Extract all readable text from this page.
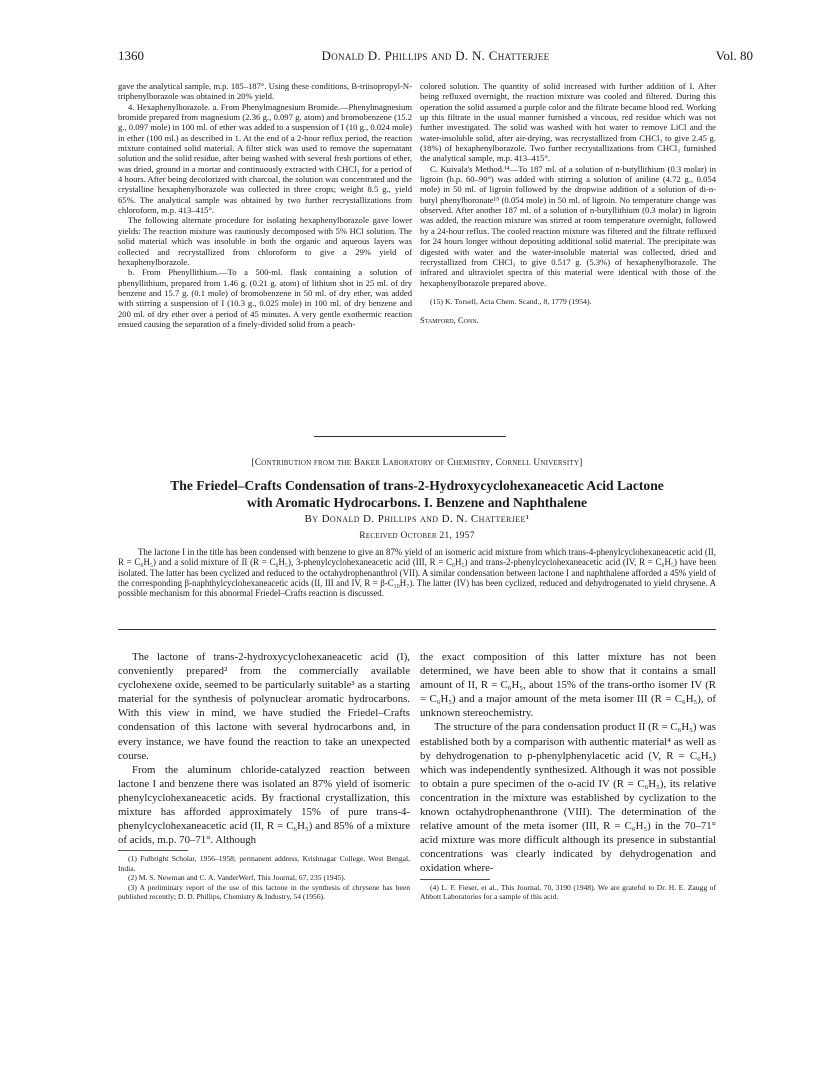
1360	Donald D. Phillips and D. N. Chatterjee	Vol. 80

gave the analytical sample, m.p. 185–187°. Using these conditions, B-triisopropyl-N-triphenylborazole was obtained in 20% yield.

4. Hexaphenylborazole. a. From Phenylmagnesium Bromide.—Phenylmagnesium bromide prepared from magnesium (2.36 g., 0.097 g. atom) and bromobenzene (15.2 g., 0.097 mole) in 100 ml. of ether was added to a suspension of I (10 g., 0.024 mole) in ether (100 ml.) as described in 1. At the end of a 2-hour reflux period, the reaction mixture contained solid material. A filter stick was used to remove the supernatant solution and the solid residue, after being washed with several fresh portions of ether, was dried, ground in a mortar and continuously extracted with CHCl₃ for a period of 4 hours. After being decolorized with charcoal, the solution was concentrated and the crystalline hexaphenylborazole was collected in three crops; weight 8.5 g., yield 65%. The analytical sample was obtained by two further recrystallizations from chloroform, m.p. 413–415°.

The following alternate procedure for isolating hexaphenylborazole gave lower yields: The reaction mixture was cautiously decomposed with 5% HCl solution. The solid material which was insoluble in both the organic and aqueous layers was collected and recrystallized from chloroform to give a 29% yield of hexaphenylborazole.

b. From Phenyllithium.—To a 500-ml. flask containing a solution of phenyllithium, prepared from 1.46 g. (0.21 g. atom) of lithium shot in 25 ml. of dry benzene and 15.7 g. (0.1 mole) of bromobenzene in 50 ml. of dry ether, was added with stirring a suspension of I (10.3 g., 0.025 mole) in 100 ml. of dry benzene and 200 ml. of dry ether over a period of 45 minutes. A very gentle exothermic reaction ensued causing the separation of a finely-divided solid from a peach-

colored solution. The quantity of solid increased with further addition of I. After being refluxed overnight, the reaction mixture was cooled and filtered. During this operation the solid assumed a purple color and the filtrate became blood red. Working up this filtrate in the usual manner furnished a viscous, red residue which was not further investigated. The solid was washed with hot water to remove LiCl and the water-insoluble solid, after air-drying, was recrystallized from CHCl₃ to give 2.45 g. (18%) of hexaphenylborazole. Two further recrystallizations from CHCl₃ furnished the analytical sample, m.p. 413–415°.

C. Kuivala's Method.¹⁴—To 187 ml. of a solution of n-butyllithium (0.3 molar) in ligroin (b.p. 60–90°) was added with stirring a solution of aniline (4.72 g., 0.054 mole) in 50 ml. of ligroin followed by the dropwise addition of a solution of di-n-butyl phenylboronate¹⁵ (0.054 mole) in 50 ml. of ligroin. No temperature change was observed. After another 187 ml. of a solution of n-butyllithium (0.3 molar) in ligroin was added, the reaction mixture was stirred at room temperature overnight, followed by a 24-hour reflux. The cooled reaction mixture was filtered and the filtrate refluxed for 24 hours longer without depositing additional solid material. The precipitate was digested with water and the water-insoluble material was collected, dried and recrystallized from CHCl₃ to give 0.517 g. (5.3%) of hexaphenylborazole. The infrared and ultraviolet spectra of this material were identical with those of the hexaphenylborazole prepared above.

(15) K. Torsell, Acta Chem. Scand., 8, 1779 (1954).

Stamford, Conn.
[Contribution from the Baker Laboratory of Chemistry, Cornell University]
The Friedel–Crafts Condensation of trans-2-Hydroxycyclohexaneacetic Acid Lactone
with Aromatic Hydrocarbons. I. Benzene and Naphthalene
By Donald D. Phillips and D. N. Chatterjee¹
Received October 21, 1957

The lactone I in the title has been condensed with benzene to give an 87% yield of an isomeric acid mixture from which trans-4-phenylcyclohexaneacetic acid (II, R = C₆H₅) and a solid mixture of II (R = C₆H₅), 3-phenylcyclohexaneacetic acid (III, R = C₆H₅) and trans-2-phenylcyclohexaneacetic acid (IV, R = C₆H₅) have been isolated. The latter has been cyclized and reduced to the octahydrophenanthrol (VII). A similar condensation between lactone I and naphthalene afforded a 45% yield of the corresponding β-naphthylcyclohexaneacetic acids (II, III and IV, R = β-C₁₀H₇). The latter (IV) has been cyclized, reduced and dehydrogenated to yield chrysene. A possible mechanism for this abnormal Friedel–Crafts reaction is discussed.

The lactone of trans-2-hydroxycyclohexaneacetic acid (I), conveniently prepared² from the commercially available cyclohexene oxide, seemed to be particularly suitable³ as a starting material for the synthesis of polynuclear aromatic hydrocarbons. With this view in mind, we have studied the Friedel–Crafts condensation of this lactone with several hydrocarbons and, in every instance, we have found the reaction to take an unexpected course.

From the aluminum chloride-catalyzed reaction between lactone I and benzene there was isolated an 87% yield of isomeric phenylcyclohexaneacetic acids. By fractional crystallization, this mixture has afforded approximately 15% of pure trans-4-phenylcyclohexaneacetic acid (II, R = C₆H₅) and 85% of a mixture of acids, m.p. 70–71°. Although

(1) Fulbright Scholar, 1956–1958; permanent address, Krishnagar College, West Bengal, India.

(2) M. S. Newman and C. A. VanderWerf, This Journal, 67, 235 (1945).

(3) A preliminary report of the use of this lactone in the synthesis of chrysene has been published recently; D. D. Phillips, Chemistry & Industry, 54 (1956).

the exact composition of this latter mixture has not been determined, we have been able to show that it contains a small amount of II, R = C₆H₅, about 15% of the trans-ortho isomer IV (R = C₆H₅) and a major amount of the meta isomer III (R = C₆H₅), of unknown stereochemistry.

The structure of the para condensation product II (R = C₆H₅) was established both by a comparison with authentic material⁴ as well as by dehydrogenation to p-phenylphenylacetic acid (V, R = C₆H₅) which was independently synthesized. Although it was not possible to obtain a pure specimen of the o-acid IV (R = C₆H₅), its relative concentration in the mixture was established by cyclization to the known octahydrophenanthrone (VIII). The determination of the relative amount of the meta isomer (III, R = C₆H₅) in the 70–71° acid mixture was more difficult although its presence in substantial concentrations was clearly indicated by dehydrogenation and oxidation where-

(4) L. F. Fieser, et al., This Journal, 70, 3190 (1948). We are grateful to Dr. H. E. Zaugg of Abbott Laboratories for a sample of this acid.
